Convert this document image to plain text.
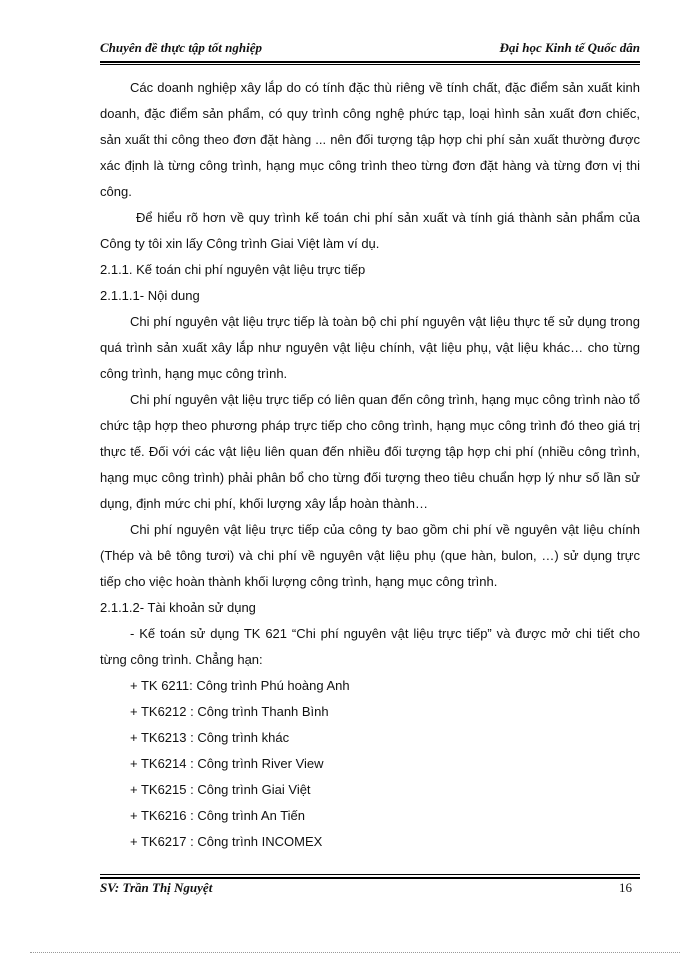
Chuyên đề thực tập tốt nghiệp	Đại học Kinh tế Quốc dân

Các doanh nghiệp xây lắp do có tính đặc thù riêng về tính chất, đặc điểm sản xuất kinh doanh, đặc điểm sản phẩm, có quy trình công nghệ phức tạp, loại hình sản xuất đơn chiếc, sản xuất thi công theo đơn đặt hàng ... nên đối tượng tập hợp chi phí sản xuất thường được xác định là từng công trình, hạng mục công trình theo từng đơn đặt hàng và từng đơn vị thi công.

Để hiểu rõ hơn về quy trình kế toán chi phí sản xuất và tính giá thành sản phẩm của Công ty tôi xin lấy Công trình Giai Việt làm ví dụ.

2.1.1. Kế toán chi phí nguyên vật liệu trực tiếp

2.1.1.1- Nội dung

Chi phí nguyên vật liệu trực tiếp là toàn bộ chi phí nguyên vật liệu thực tế sử dụng trong quá trình sản xuất xây lắp như nguyên vật liệu chính, vật liệu phụ, vật liệu khác… cho từng công trình, hạng mục công trình.

Chi phí nguyên vật liệu trực tiếp có liên quan đến công trình, hạng mục công trình nào tổ chức tập hợp theo phương pháp trực tiếp cho công trình, hạng mục công trình đó theo giá trị thực tế. Đối với các vật liệu liên quan đến nhiều đối tượng tập hợp chi phí (nhiều công trình, hạng mục công trình) phải phân bổ cho từng đối tượng theo tiêu chuẩn hợp lý như số lần sử dụng, định mức chi phí, khối lượng xây lắp hoàn thành…

Chi phí nguyên vật liệu trực tiếp của công ty bao gồm chi phí về nguyên vật liệu chính (Thép và bê tông tươi) và chi phí về nguyên vật liệu phụ (que hàn, bulon, …) sử dụng trực tiếp cho việc hoàn thành khối lượng công trình, hạng mục công trình.

2.1.1.2- Tài khoản sử dụng

- Kế toán sử dụng TK 621 “Chi phí nguyên vật liệu trực tiếp” và được mở chi tiết cho từng công trình. Chẳng hạn:

+ TK 6211: Công trình Phú hoàng Anh

+ TK6212 : Công trình Thanh Bình

+ TK6213 : Công trình khác

+ TK6214 : Công trình River View

+ TK6215 : Công trình Giai Việt

+ TK6216 : Công trình An Tiến

+ TK6217 : Công trình INCOMEX

SV: Trần Thị Nguyệt	16
